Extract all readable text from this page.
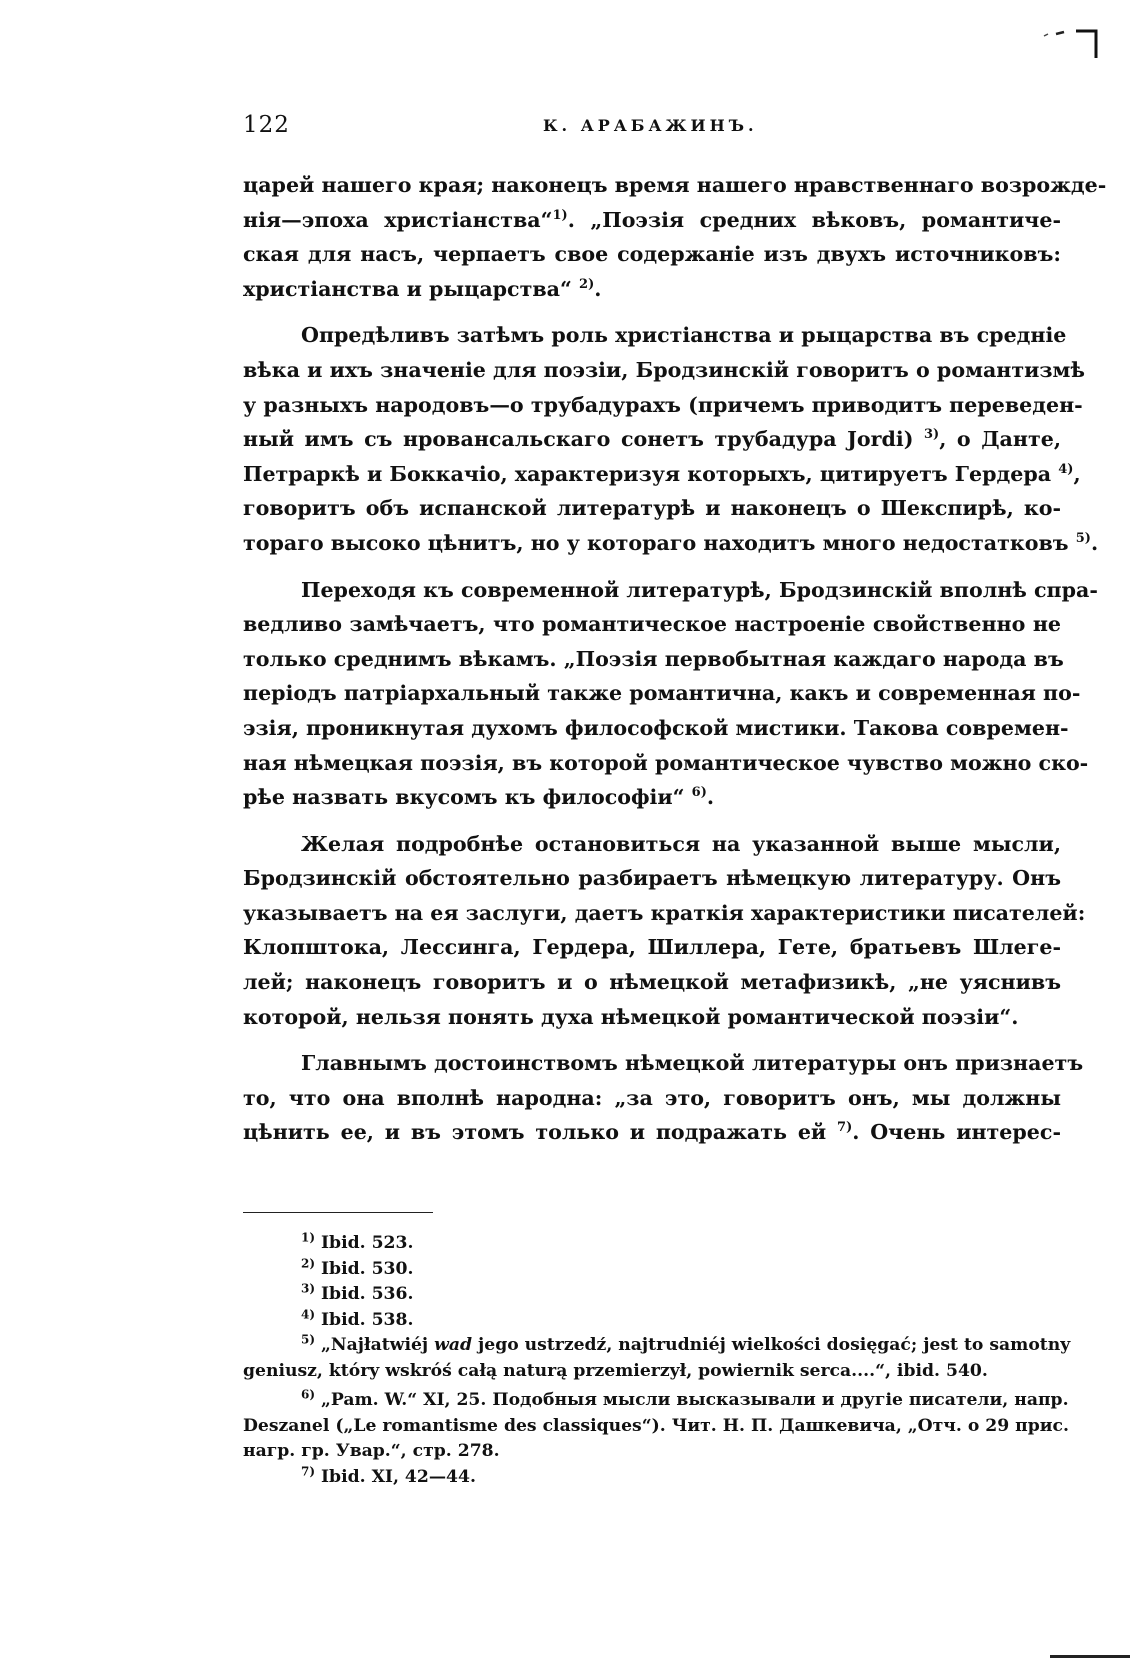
122	К. АРАБАЖИНЪ.
царей нашего края; наконецъ время нашего нравственнаго возрожде-
нія—эпоха христіанства“$^{1)}$. „Поэзія средних вѣковъ, романтиче-
ская для насъ, черпаетъ свое содержаніе изъ двухъ источниковъ:
христіанства и рыцарства“ $^{2)}$.
Опредѣливъ затѣмъ роль христіанства и рыцарства въ средніе
вѣка и ихъ значеніе для поэзіи, Бродзинскій говоритъ о романтизмѣ
у разныхъ народовъ—о трубадурахъ (причемъ приводитъ переведен-
ный имъ съ нровансальскаго сонетъ трубадура Jordi) $^{3)}$, о Данте,
Петраркѣ и Боккачіо, характеризуя которыхъ, цитируетъ Гердера $^{4)}$,
говоритъ объ испанской литературѣ и наконецъ о Шекспирѣ, ко-
тораго высоко цѣнитъ, но у котораго находитъ много недостатковъ $^{5)}$.
Переходя къ современной литературѣ, Бродзинскій вполнѣ спра-
ведливо замѣчаетъ, что романтическое настроеніе свойственно не
только среднимъ вѣкамъ. „Поэзія первобытная каждаго народа въ
періодъ патріархальный также романтична, какъ и современная по-
эзія, проникнутая духомъ философской мистики. Такова современ-
ная нѣмецкая поэзія, въ которой романтическое чувство можно ско-
рѣе назвать вкусомъ къ философіи“ $^{6)}$.
Желая подробнѣе остановиться на указанной выше мысли,
Бродзинскій обстоятельно разбираетъ нѣмецкую литературу. Онъ
указываетъ на ея заслуги, даетъ краткія характеристики писателей:
Клопштока, Лессинга, Гердера, Шиллера, Гете, братьевъ Шлеге-
лей; наконецъ говоритъ и о нѣмецкой метафизикѣ, „не уяснивъ
которой, нельзя понять духа нѣмецкой романтической поэзіи“.
Главнымъ достоинствомъ нѣмецкой литературы онъ признаетъ
то, что она вполнѣ народна: „за это, говоритъ онъ, мы должны
цѣнить ее, и въ этомъ только и подражать ей $^{7)}$. Очень интерес-
$^{1)}$ Ibid. 523.
$^{2)}$ Ibid. 530.
$^{3)}$ Ibid. 536.
$^{4)}$ Ibid. 538.
$^{5)}$ „Najłatwiéj wad jego ustrzedź, najtrudniéj wielkości dosięgać; jest to samotny
geniusz, który wskróś całą naturą przemierzył, powiernik serca....“, ibid. 540.
$^{6)}$ „Pam. W.“ XI, 25. Подобныя мысли высказывали и другіе писатели, напр.
Deszanel („Le romantisme des classiques“). Чит. Н. П. Дашкевича, „Отч. о 29 прис.
нагр. гр. Увар.“, стр. 278.
$^{7)}$ Ibid. XI, 42—44.
